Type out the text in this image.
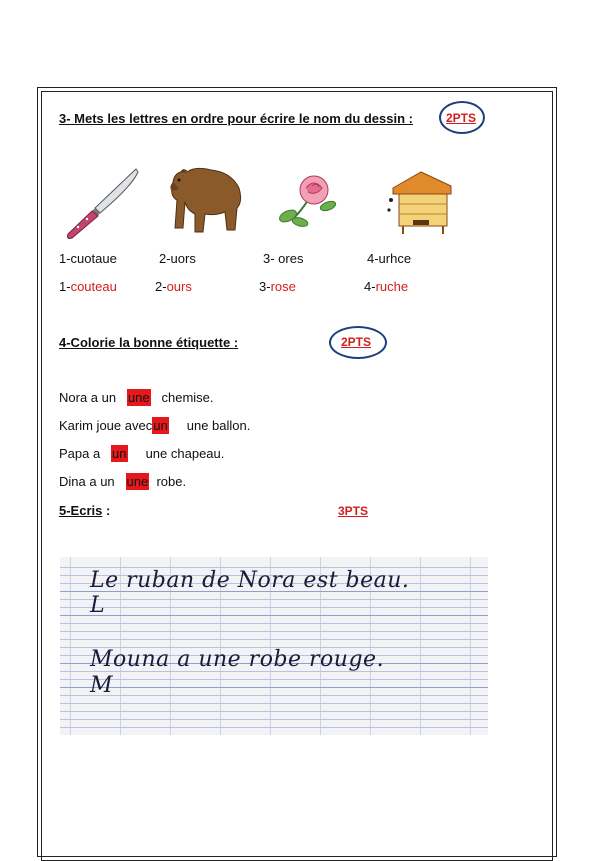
3- Mets les lettres en ordre pour écrire le nom du dessin :	2PTS
1-cuotaue	2-uors	3- ores	4-urhce
1-couteau	2-ours	3-rose	4-ruche
4-Colorie la bonne étiquette :	2PTS
Nora a un une chemise.
Karim joue avecun une ballon.
Papa a un une chapeau.
Dina a un une robe.
5-Ecris :	3PTS
Le ruban de Nora est beau.
L
Mouna a une robe rouge.
M
